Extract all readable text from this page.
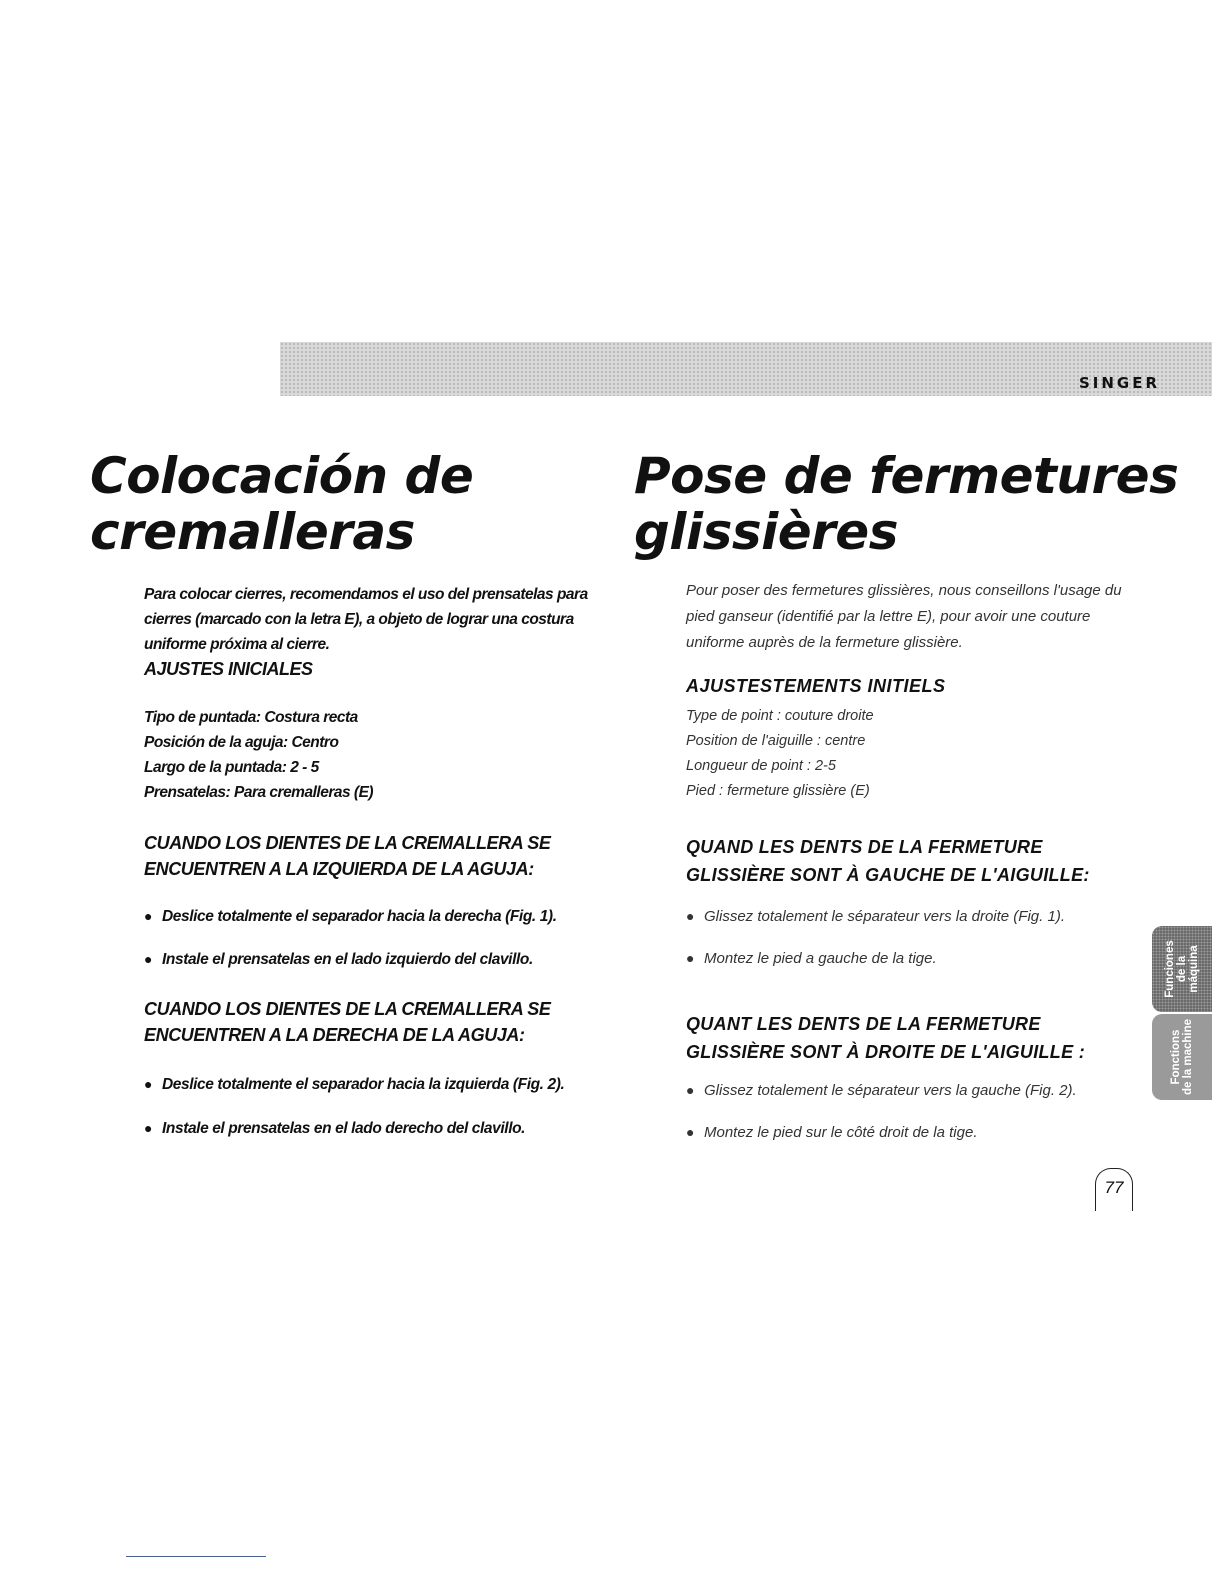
SINGER
Colocación de
cremalleras
Pose de fermetures
glissières
Para colocar cierres, recomendamos el uso del prensatelas para
cierres (marcado con la letra E), a objeto de lograr una costura
uniforme próxima al cierre.
Pour poser des fermetures glissières, nous conseillons l'usage du
pied ganseur (identifié par la lettre E), pour avoir une couture
uniforme auprès de la fermeture glissière.
AJUSTES INICIALES
AJUSTESTEMENTS INITIELS

Tipo de puntada: Costura recta

Posición de la aguja: Centro

Largo de la puntada: 2 - 5

Prensatelas: Para cremalleras (E)

Type de point : couture droite

Position de l'aiguille : centre

Longueur de point : 2-5

Pied : fermeture glissière (E)

CUANDO LOS DIENTES DE LA CREMALLERA SE

ENCUENTREN A LA IZQUIERDA DE LA AGUJA:

QUAND LES DENTS DE LA FERMETURE

GLISSIÈRE SONT À GAUCHE DE L'AIGUILLE:

● Deslice totalmente el separador hacia la derecha (Fig. 1).
● Instale el prensatelas en el lado izquierdo del clavillo.
● Glissez totalement le séparateur vers la droite (Fig. 1).
● Montez le pied a gauche de la tige.

CUANDO LOS DIENTES DE LA CREMALLERA SE

ENCUENTREN A LA DERECHA DE LA AGUJA:

QUANT LES DENTS DE LA FERMETURE

GLISSIÈRE SONT À DROITE DE L'AIGUILLE :

● Deslice totalmente el separador hacia la izquierda (Fig. 2).
● Instale el prensatelas en el lado derecho del clavillo.
● Glissez totalement le séparateur vers la gauche (Fig. 2).
● Montez le pied sur le côté droit de la tige.
Funciones
de la
máquina
Fonctions
de la machine
77
